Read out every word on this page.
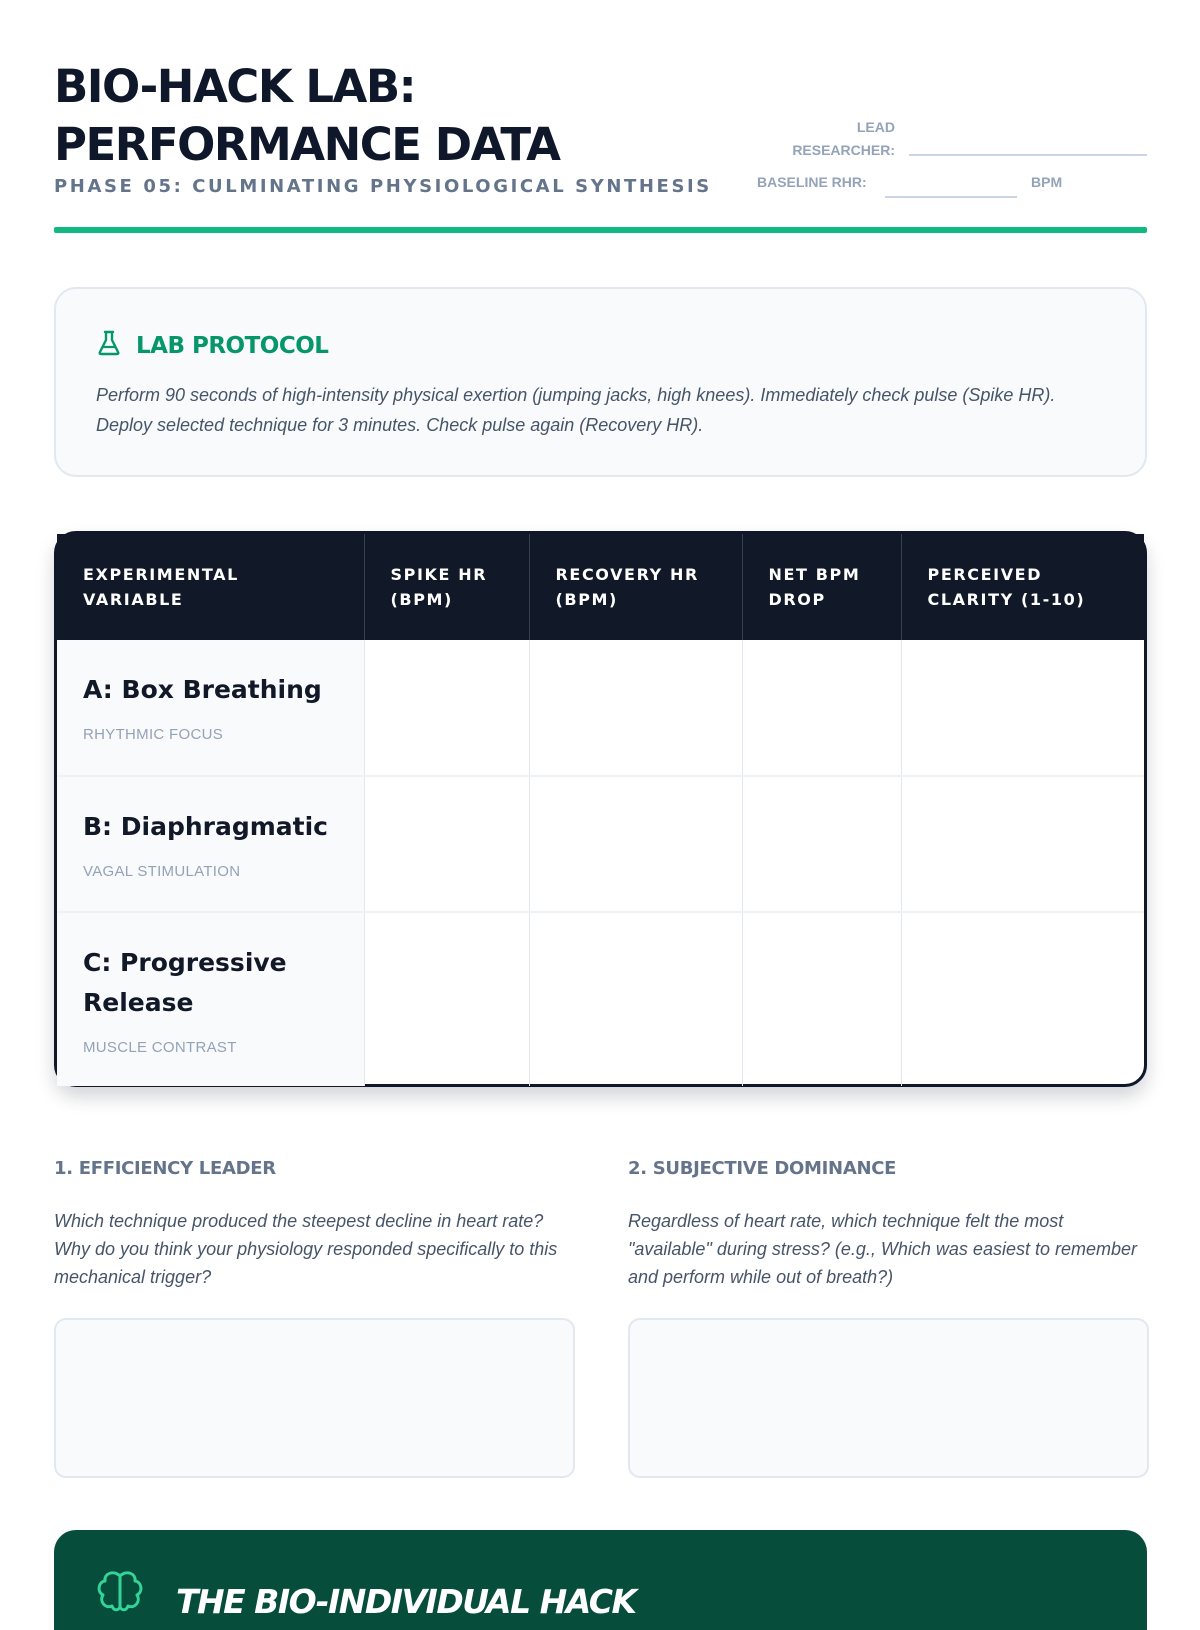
BIO-HACK LAB:
PERFORMANCE DATA
PHASE 05: CULMINATING PHYSIOLOGICAL SYNTHESIS
LEAD
RESEARCHER:
BASELINE RHR:	BPM
LAB PROTOCOL
Perform 90 seconds of high-intensity physical exertion (jumping jacks, high knees). Immediately check pulse (Spike HR). Deploy selected technique for 3 minutes. Check pulse again (Recovery HR).
EXPERIMENTAL VARIABLE	SPIKE HR (BPM)	RECOVERY HR (BPM)	NET BPM DROP	PERCEIVED CLARITY (1-10)

A: Box Breathing
RHYTHMIC FOCUS				

B: Diaphragmatic
VAGAL STIMULATION				

C: Progressive Release
MUSCLE CONTRAST				

1. EFFICIENCY LEADER
Which technique produced the steepest decline in heart rate? Why do you think your physiology responded specifically to this mechanical trigger?
2. SUBJECTIVE DOMINANCE
Regardless of heart rate, which technique felt the most "available" during stress? (e.g., Which was easiest to remember and perform while out of breath?)
THE BIO-INDIVIDUAL HACK
